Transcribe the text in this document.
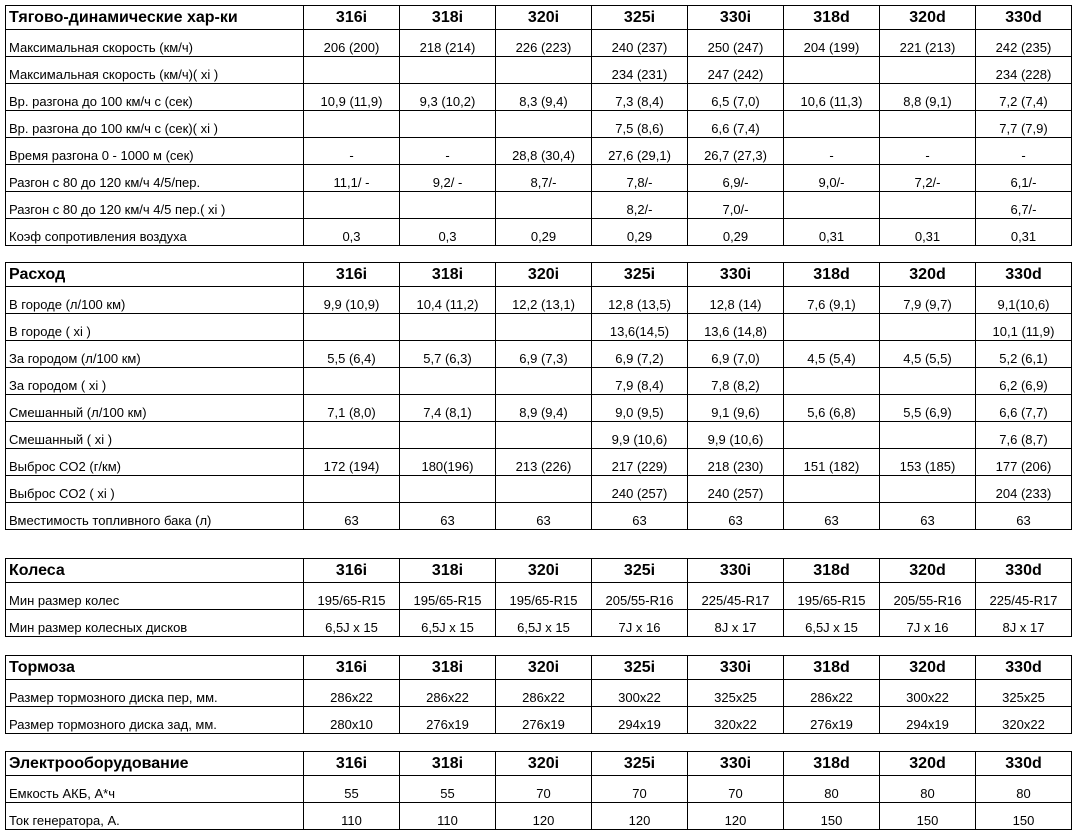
Тягово-динамические хар-ки	316i	318i	320i	325i	330i	318d	320d	330d
Максимальная скорость (км/ч)	206 (200)	218 (214)	226 (223)	240 (237)	250 (247)	204 (199)	221 (213)	242 (235)
Максимальная скорость (км/ч)( xi )				234 (231)	247 (242)			234 (228)
Вр. разгона до 100 км/ч с (сек)	10,9 (11,9)	9,3 (10,2)	8,3 (9,4)	7,3 (8,4)	6,5 (7,0)	10,6 (11,3)	8,8 (9,1)	7,2 (7,4)
Вр. разгона до 100 км/ч с (сек)( xi )				7,5 (8,6)	6,6 (7,4)			7,7 (7,9)
Время разгона 0 - 1000 м (сек)	-	-	28,8 (30,4)	27,6 (29,1)	26,7 (27,3)	-	-	-
Разгон с 80 до 120 км/ч 4/5/пер.	11,1/ -	9,2/ -	8,7/-	7,8/-	6,9/-	9,0/-	7,2/-	6,1/-
Разгон с 80 до 120 км/ч 4/5 пер.( xi )				8,2/-	7,0/-			6,7/-
Коэф сопротивления воздуха	0,3	0,3	0,29	0,29	0,29	0,31	0,31	0,31
Расход	316i	318i	320i	325i	330i	318d	320d	330d
В городе (л/100 км)	9,9 (10,9)	10,4 (11,2)	12,2 (13,1)	12,8 (13,5)	12,8 (14)	7,6 (9,1)	7,9 (9,7)	9,1(10,6)
В городе ( xi )				13,6(14,5)	13,6 (14,8)			10,1 (11,9)
За городом (л/100 км)	5,5 (6,4)	5,7 (6,3)	6,9 (7,3)	6,9 (7,2)	6,9 (7,0)	4,5 (5,4)	4,5 (5,5)	5,2 (6,1)
За городом ( xi )				7,9 (8,4)	7,8 (8,2)			6,2 (6,9)
Смешанный (л/100 км)	7,1 (8,0)	7,4 (8,1)	8,9 (9,4)	9,0 (9,5)	9,1 (9,6)	5,6 (6,8)	5,5 (6,9)	6,6 (7,7)
Смешанный ( xi )				9,9 (10,6)	9,9 (10,6)			7,6 (8,7)
Выброс CO2 (г/км)	172 (194)	180(196)	213 (226)	217 (229)	218 (230)	151 (182)	153 (185)	177 (206)
Выброс CO2 ( xi )				240 (257)	240 (257)			204 (233)
Вместимость топливного бака (л)	63	63	63	63	63	63	63	63
Колеса	316i	318i	320i	325i	330i	318d	320d	330d
Мин размер колес	195/65-R15	195/65-R15	195/65-R15	205/55-R16	225/45-R17	195/65-R15	205/55-R16	225/45-R17
Мин размер колесных дисков	6,5J x 15	6,5J x 15	6,5J x 15	7J x 16	8J x 17	6,5J x 15	7J x 16	8J x 17
Тормоза	316i	318i	320i	325i	330i	318d	320d	330d
Размер тормозного диска пер, мм.	286x22	286x22	286x22	300x22	325x25	286x22	300x22	325x25
Размер тормозного диска зад, мм.	280x10	276x19	276x19	294x19	320x22	276x19	294x19	320x22
Электрооборудование	316i	318i	320i	325i	330i	318d	320d	330d
Емкость АКБ, А*ч	55	55	70	70	70	80	80	80
Ток генератора, А.	110	110	120	120	120	150	150	150
